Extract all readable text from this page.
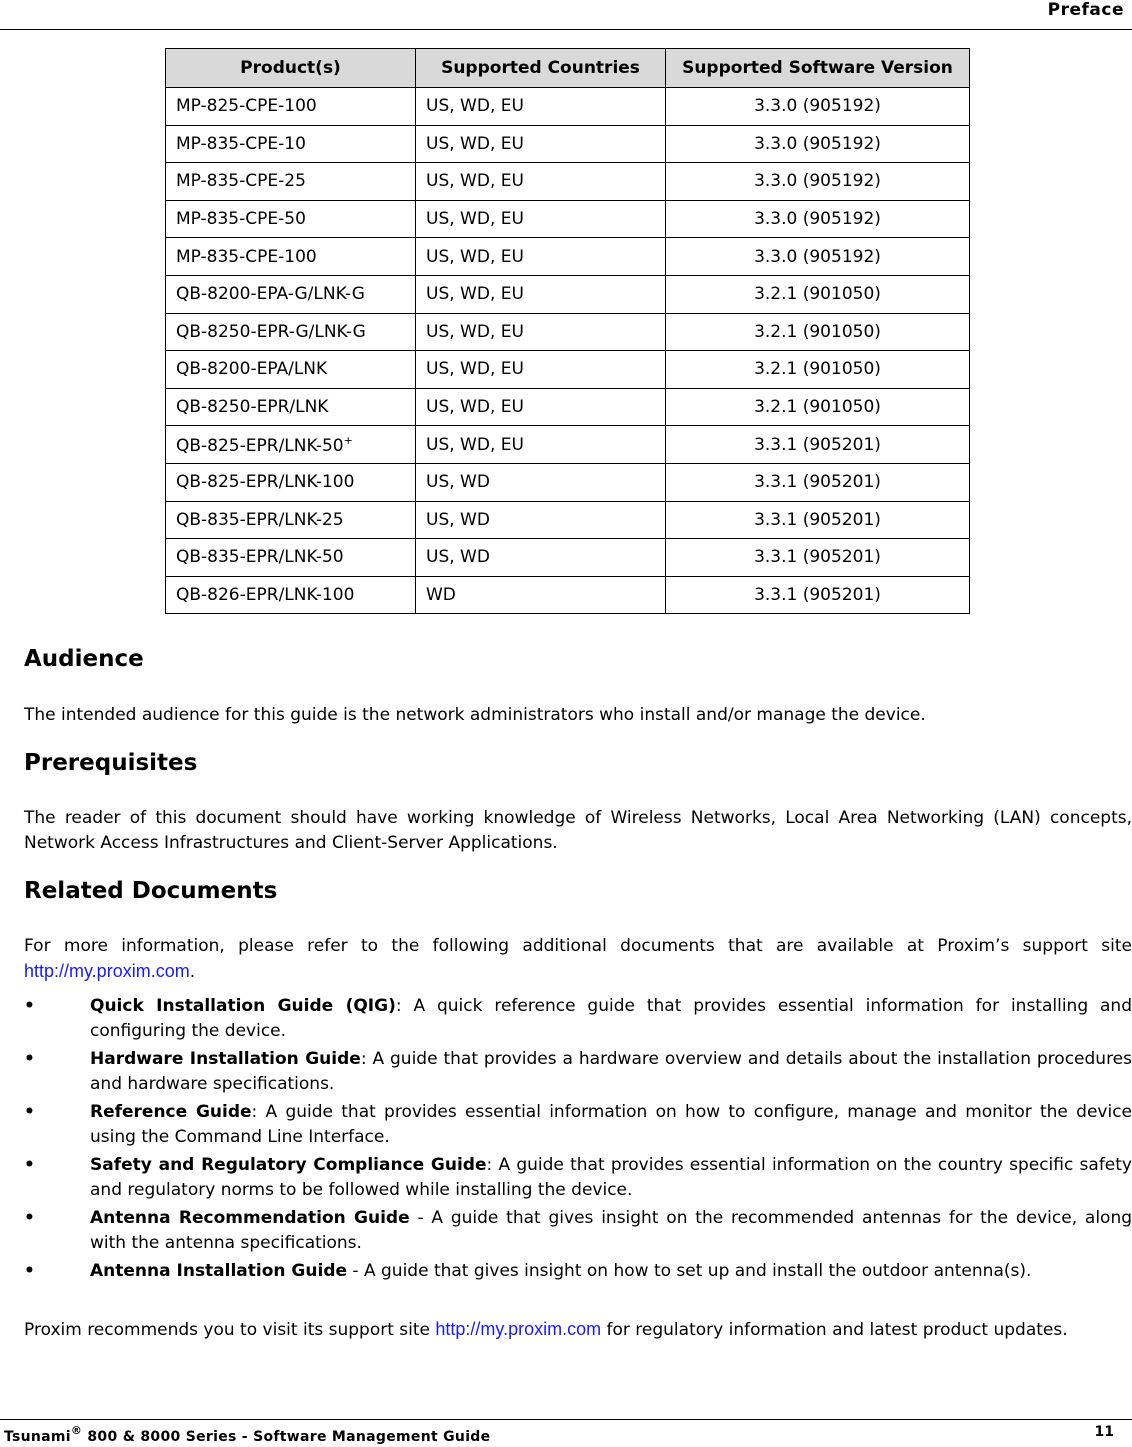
Preface
Product(s)	Supported Countries	Supported Software Version
MP-825-CPE-100	US, WD, EU	3.3.0 (905192)
MP-835-CPE-10	US, WD, EU	3.3.0 (905192)
MP-835-CPE-25	US, WD, EU	3.3.0 (905192)
MP-835-CPE-50	US, WD, EU	3.3.0 (905192)
MP-835-CPE-100	US, WD, EU	3.3.0 (905192)
QB-8200-EPA-G/LNK-G	US, WD, EU	3.2.1 (901050)
QB-8250-EPR-G/LNK-G	US, WD, EU	3.2.1 (901050)
QB-8200-EPA/LNK	US, WD, EU	3.2.1 (901050)
QB-8250-EPR/LNK	US, WD, EU	3.2.1 (901050)
QB-825-EPR/LNK-50+	US, WD, EU	3.3.1 (905201)
QB-825-EPR/LNK-100	US, WD	3.3.1 (905201)
QB-835-EPR/LNK-25	US, WD	3.3.1 (905201)
QB-835-EPR/LNK-50	US, WD	3.3.1 (905201)
QB-826-EPR/LNK-100	WD	3.3.1 (905201)
Audience

The intended audience for this guide is the network administrators who install and/or manage the device.

Prerequisites

The reader of this document should have working knowledge of Wireless Networks, Local Area Networking (LAN) concepts, Network Access Infrastructures and Client-Server Applications.

Related Documents

For more information, please refer to the following additional documents that are available at Proxim’s support site http://my.proxim.com.

•	Quick Installation Guide (QIG): A quick reference guide that provides essential information for installing and configuring the device.
•	Hardware Installation Guide: A guide that provides a hardware overview and details about the installation procedures and hardware specifications.
•	Reference Guide: A guide that provides essential information on how to configure, manage and monitor the device using the Command Line Interface.
•	Safety and Regulatory Compliance Guide: A guide that provides essential information on the country specific safety and regulatory norms to be followed while installing the device.
•	Antenna Recommendation Guide - A guide that gives insight on the recommended antennas for the device, along with the antenna specifications.
•	Antenna Installation Guide - A guide that gives insight on how to set up and install the outdoor antenna(s).

Proxim recommends you to visit its support site http://my.proxim.com for regulatory information and latest product updates.

Tsunami® 800 & 8000 Series - Software Management Guide	11
